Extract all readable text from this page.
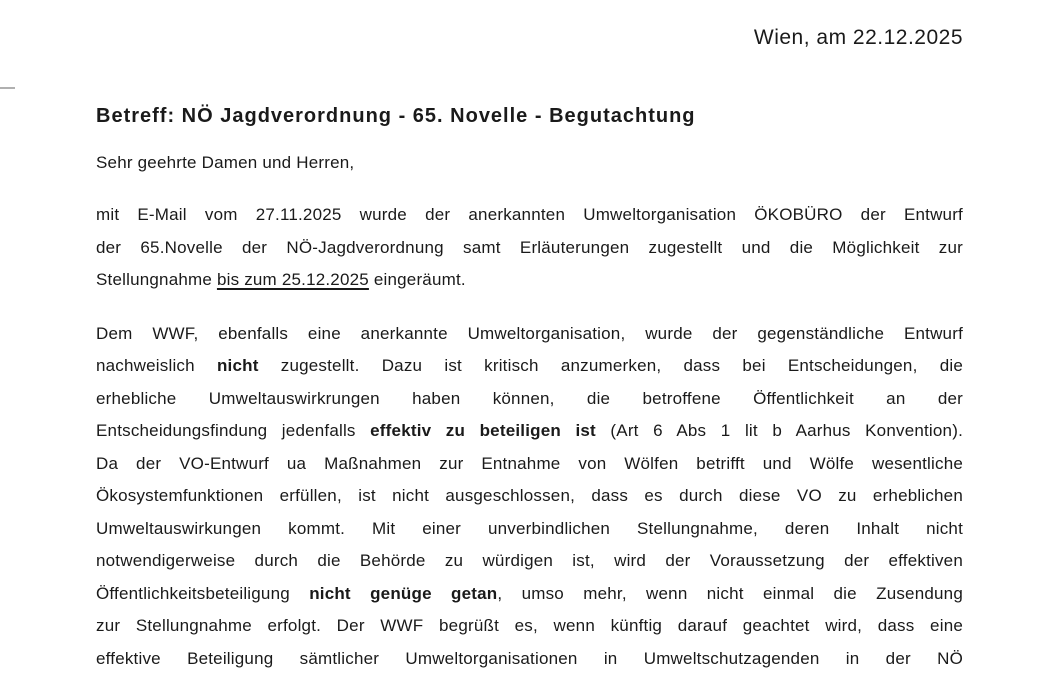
Wien, am 22.12.2025
Betreff: NÖ Jagdverordnung - 65. Novelle - Begutachtung
Sehr geehrte Damen und Herren,
mit E-Mail vom 27.11.2025 wurde der anerkannten Umweltorganisation ÖKOBÜRO der Entwurf
der 65.Novelle der NÖ-Jagdverordnung samt Erläuterungen zugestellt und die Möglichkeit zur
Stellungnahme bis zum 25.12.2025 eingeräumt.
Dem WWF, ebenfalls eine anerkannte Umweltorganisation, wurde der gegenständliche Entwurf
nachweislich nicht zugestellt. Dazu ist kritisch anzumerken, dass bei Entscheidungen, die
erhebliche Umweltauswirkrungen haben können, die betroffene Öffentlichkeit an der
Entscheidungsfindung jedenfalls effektiv zu beteiligen ist (Art 6 Abs 1 lit b Aarhus Konvention).
Da der VO-Entwurf ua Maßnahmen zur Entnahme von Wölfen betrifft und Wölfe wesentliche
Ökosystemfunktionen erfüllen, ist nicht ausgeschlossen, dass es durch diese VO zu erheblichen
Umweltauswirkungen kommt. Mit einer unverbindlichen Stellungnahme, deren Inhalt nicht
notwendigerweise durch die Behörde zu würdigen ist, wird der Voraussetzung der effektiven
Öffentlichkeitsbeteiligung nicht genüge getan, umso mehr, wenn nicht einmal die Zusendung
zur Stellungnahme erfolgt. Der WWF begrüßt es, wenn künftig darauf geachtet wird, dass eine
effektive Beteiligung sämtlicher Umweltorganisationen in Umweltschutzagenden in der NÖ
